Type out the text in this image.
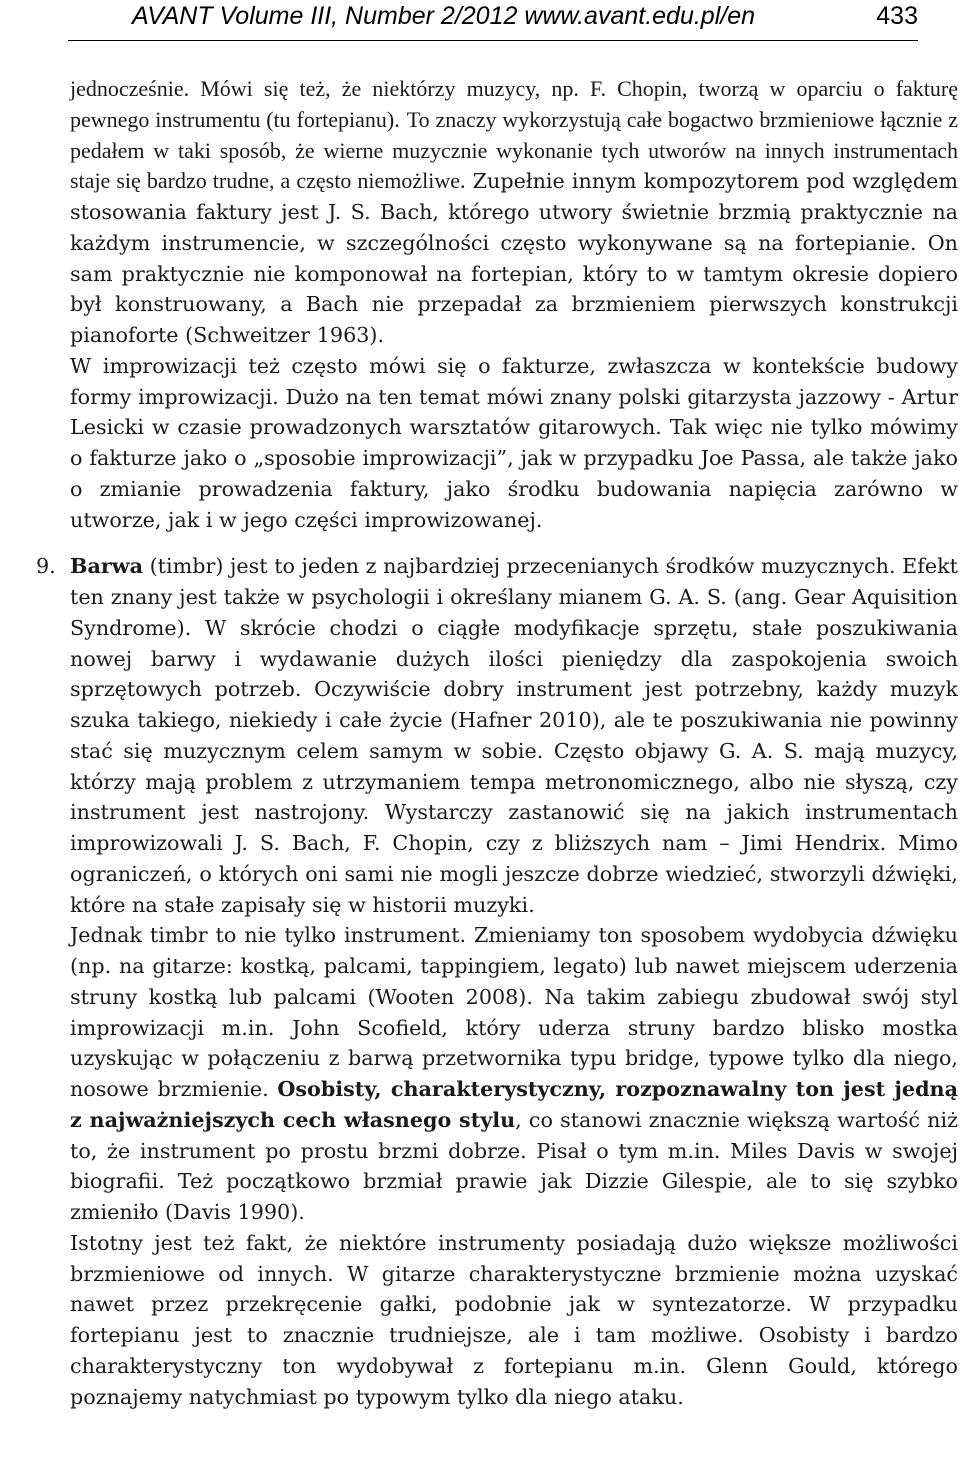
AVANT Volume III, Number 2/2012 www.avant.edu.pl/en	433

jednocześnie. Mówi się też, że niektórzy muzycy, np. F. Chopin, tworzą w oparciu o fakturę pewnego instrumentu (tu fortepianu). To znaczy wykorzystują całe bogactwo brzmieniowe łącznie z pedałem w taki sposób, że wierne muzycznie wykonanie tych utworów na innych instrumentach staje się bardzo trudne, a często niemożliwe. Zupełnie innym kompozytorem pod względem stosowania faktury jest J. S. Bach, którego utwory świetnie brzmią praktycznie na każdym instrumencie, w szczególności często wykonywane są na fortepianie. On sam praktycznie nie komponował na fortepian, który to w tamtym okresie dopiero był konstruowany, a Bach nie przepadał za brzmieniem pierwszych konstrukcji pianoforte (Schweitzer 1963).

W improwizacji też często mówi się o fakturze, zwłaszcza w kontekście budowy formy improwizacji. Dużo na ten temat mówi znany polski gitarzysta jazzowy - Artur Lesicki w czasie prowadzonych warsztatów gitarowych. Tak więc nie tylko mówimy o fakturze jako o „sposobie improwizacji”, jak w przypadku Joe Passa, ale także jako o zmianie prowadzenia faktury, jako środku budowania napięcia zarówno w utworze, jak i w jego części improwizowanej.

9. Barwa (timbr) jest to jeden z najbardziej przecenianych środków muzycznych. Efekt ten znany jest także w psychologii i określany mianem G. A. S. (ang. Gear Aquisition Syndrome). W skrócie chodzi o ciągłe modyfikacje sprzętu, stałe poszukiwania nowej barwy i wydawanie dużych ilości pieniędzy dla zaspokojenia swoich sprzętowych potrzeb. Oczywiście dobry instrument jest potrzebny, każdy muzyk szuka takiego, niekiedy i całe życie (Hafner 2010), ale te poszukiwania nie powinny stać się muzycznym celem samym w sobie. Często objawy G. A. S. mają muzycy, którzy mają problem z utrzymaniem tempa metronomicznego, albo nie słyszą, czy instrument jest nastrojony. Wystarczy zastanowić się na jakich instrumentach improwizowali J. S. Bach, F. Chopin, czy z bliższych nam – Jimi Hendrix. Mimo ograniczeń, o których oni sami nie mogli jeszcze dobrze wiedzieć, stworzyli dźwięki, które na stałe zapisały się w historii muzyki.

Jednak timbr to nie tylko instrument. Zmieniamy ton sposobem wydobycia dźwięku (np. na gitarze: kostką, palcami, tappingiem, legato) lub nawet miejscem uderzenia struny kostką lub palcami (Wooten 2008). Na takim zabiegu zbudował swój styl improwizacji m.in. John Scofield, który uderza struny bardzo blisko mostka uzyskując w połączeniu z barwą przetwornika typu bridge, typowe tylko dla niego, nosowe brzmienie. Osobisty, charakterystyczny, rozpoznawalny ton jest jedną z najważniejszych cech własnego stylu, co stanowi znacznie większą wartość niż to, że instrument po prostu brzmi dobrze. Pisał o tym m.in. Miles Davis w swojej biografii. Też początkowo brzmiał prawie jak Dizzie Gilespie, ale to się szybko zmieniło (Davis 1990).

Istotny jest też fakt, że niektóre instrumenty posiadają dużo większe możliwości brzmieniowe od innych. W gitarze charakterystyczne brzmienie można uzyskać nawet przez przekręcenie gałki, podobnie jak w syntezatorze. W przypadku fortepianu jest to znacznie trudniejsze, ale i tam możliwe. Osobisty i bardzo charakterystyczny ton wydobywał z fortepianu m.in. Glenn Gould, którego poznajemy natychmiast po typowym tylko dla niego ataku.
